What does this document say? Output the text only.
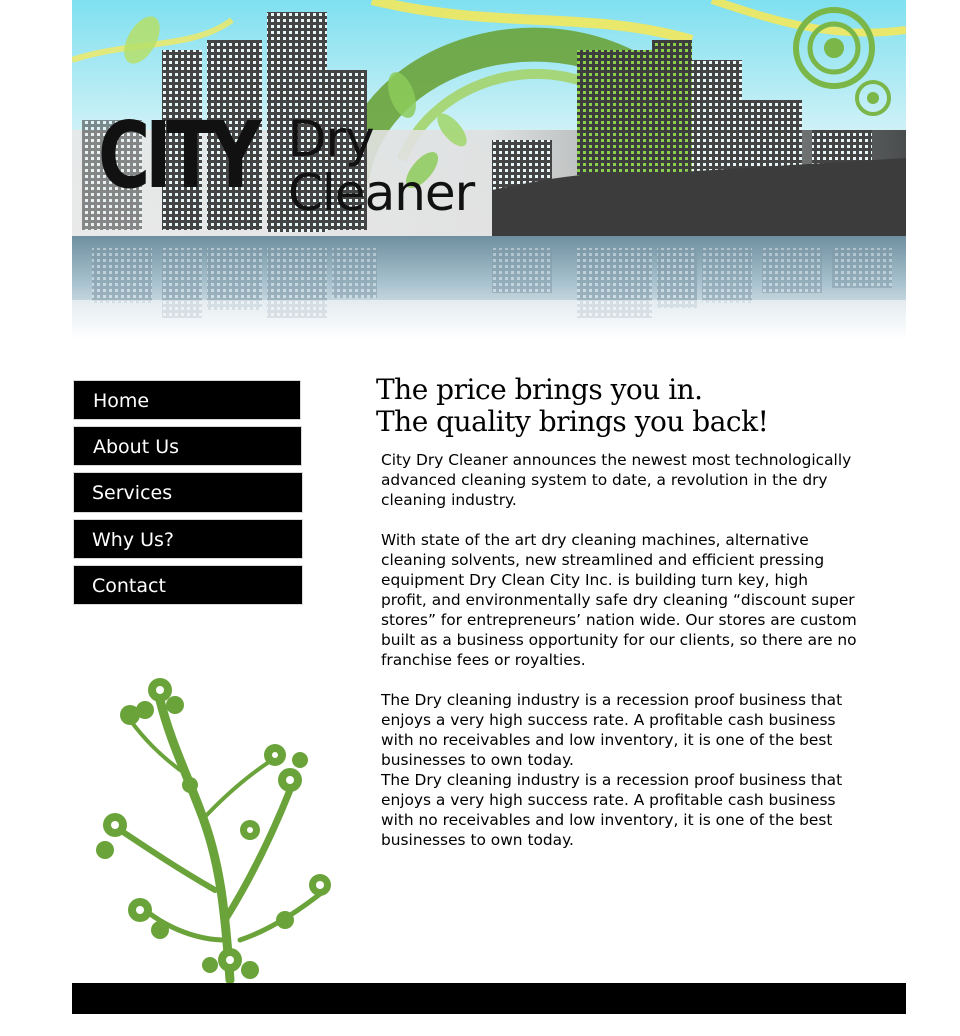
CITY Dry
Cleaner
Home
About Us
Services
Why Us?
Contact
The price brings you in.
The quality brings you back!

City Dry Cleaner announces the newest most technologically advanced cleaning system to date, a revolution in the dry cleaning industry.

With state of the art dry cleaning machines, alternative cleaning solvents, new streamlined and efficient pressing equipment Dry Clean City Inc. is building turn key, high profit, and environmentally safe dry cleaning “discount super stores” for entrepreneurs’ nation wide. Our stores are custom built as a business opportunity for our clients, so there are no franchise fees or royalties.

The Dry cleaning industry is a recession proof business that enjoys a very high success rate. A profitable cash business with no receivables and low inventory, it is one of the best businesses to own today.

The Dry cleaning industry is a recession proof business that enjoys a very high success rate. A profitable cash business with no receivables and low inventory, it is one of the best businesses to own today.
